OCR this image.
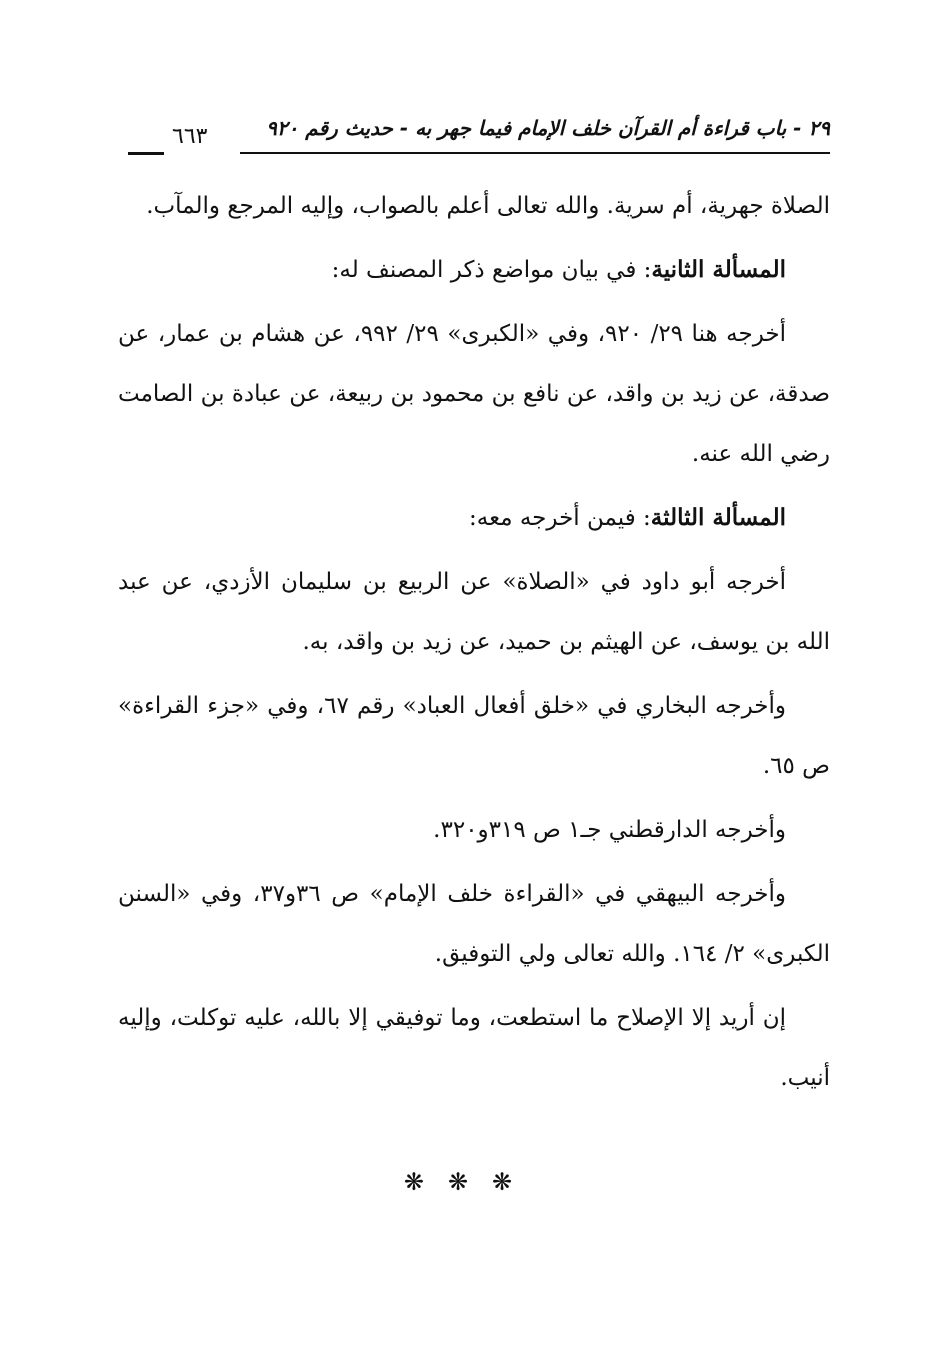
٢٩ - باب قراءة أم القرآن خلف الإمام فيما جهر به - حديث رقم ٩٢٠
٦٦٣

الصلاة جهرية، أم سرية. والله تعالى أعلم بالصواب، وإليه المرجع والمآب.

المسألة الثانية: في بيان مواضع ذكر المصنف له:

أخرجه هنا ٢٩/ ٩٢٠، وفي «الكبرى» ٢٩/ ٩٩٢، عن هشام بن عمار، عن صدقة، عن زيد بن واقد، عن نافع بن محمود بن ربيعة، عن عبادة بن الصامت رضي الله عنه.

المسألة الثالثة: فيمن أخرجه معه:

أخرجه أبو داود في «الصلاة» عن الربيع بن سليمان الأزدي، عن عبد الله بن يوسف، عن الهيثم بن حميد، عن زيد بن واقد، به.

وأخرجه البخاري في «خلق أفعال العباد» رقم ٦٧، وفي «جزء القراءة» ص ٦٥.

وأخرجه الدارقطني جـ١ ص ٣١٩و٣٢٠.

وأخرجه البيهقي في «القراءة خلف الإمام» ص ٣٦و٣٧، وفي «السنن الكبرى» ٢/ ١٦٤. والله تعالى ولي التوفيق.

إن أريد إلا الإصلاح ما استطعت، وما توفيقي إلا بالله، عليه توكلت، وإليه أنيب.

❋❋❋
